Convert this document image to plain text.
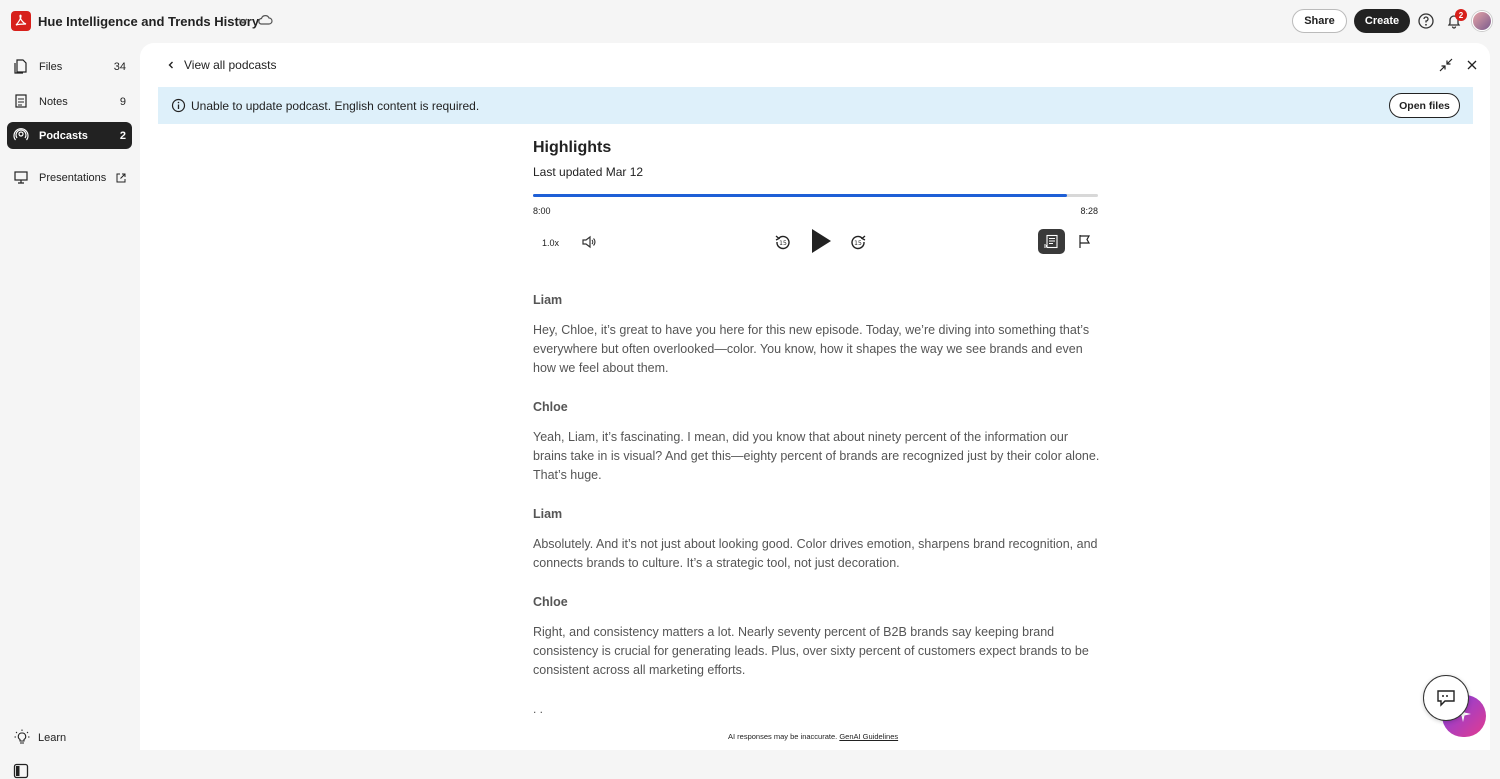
Hue Intelligence and Trends History	Share	Create	2
Files	34
Notes	9
Podcasts	2
Presentations
Learn
View all podcasts
Unable to update podcast. English content is required.	Open files
Highlights
Last updated Mar 12
8:00	8:28
1.0x	15	15
Liam
Hey, Chloe, it’s great to have you here for this new episode. Today, we’re diving into something that’s everywhere but often overlooked—color. You know, how it shapes the way we see brands and even how we feel about them.
Chloe
Yeah, Liam, it’s fascinating. I mean, did you know that about ninety percent of the information our brains take in is visual? And get this—eighty percent of brands are recognized just by their color alone. That’s huge.
Liam
Absolutely. And it’s not just about looking good. Color drives emotion, sharpens brand recognition, and connects brands to culture. It’s a strategic tool, not just decoration.
Chloe
Right, and consistency matters a lot. Nearly seventy percent of B2B brands say keeping brand consistency is crucial for generating leads. Plus, over sixty percent of customers expect brands to be consistent across all marketing efforts.
. .
AI responses may be inaccurate. GenAI Guidelines
